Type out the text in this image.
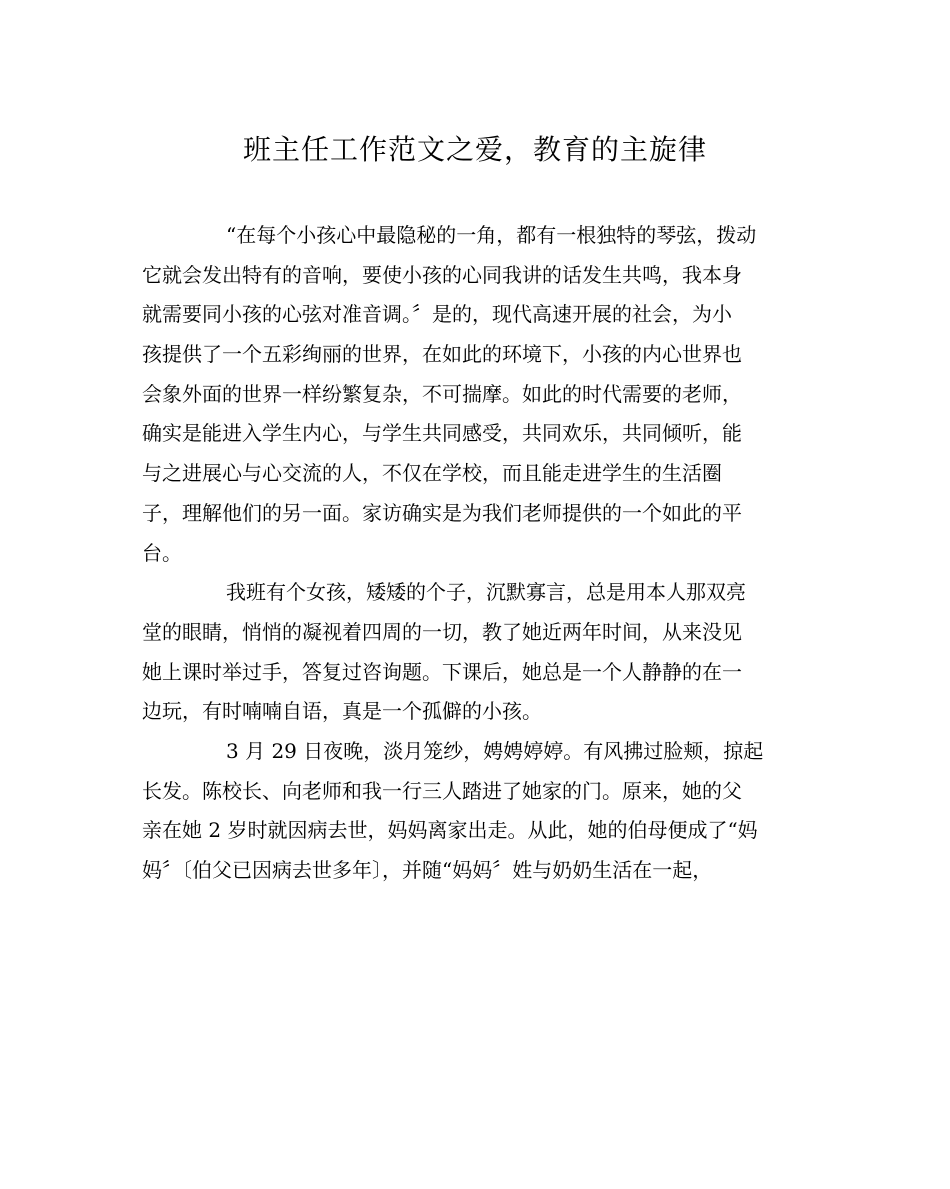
班主任工作范文之爱，教育的主旋律
“在每个小孩心中最隐秘的一角，都有一根独特的琴弦，拨动
它就会发出特有的音响，要使小孩的心同我讲的话发生共鸣，我本身
就需要同小孩的心弦对准音调。〞是的，现代高速开展的社会，为小
孩提供了一个五彩绚丽的世界，在如此的环境下，小孩的内心世界也
会象外面的世界一样纷繁复杂，不可揣摩。如此的时代需要的老师，
确实是能进入学生内心，与学生共同感受，共同欢乐，共同倾听，能
与之进展心与心交流的人，不仅在学校，而且能走进学生的生活圈
子，理解他们的另一面。家访确实是为我们老师提供的一个如此的平
台。
我班有个女孩，矮矮的个子，沉默寡言，总是用本人那双亮
堂的眼睛，悄悄的凝视着四周的一切，教了她近两年时间，从来没见
她上课时举过手，答复过咨询题。下课后，她总是一个人静静的在一
边玩，有时喃喃自语，真是一个孤僻的小孩。
3 月 29 日夜晚，淡月笼纱，娉娉婷婷。有风拂过脸颊，掠起
长发。陈校长、向老师和我一行三人踏进了她家的门。原来，她的父
亲在她 2 岁时就因病去世，妈妈离家出走。从此，她的伯母便成了“妈
妈〞〔伯父已因病去世多年〕，并随“妈妈〞姓与奶奶生活在一起，
